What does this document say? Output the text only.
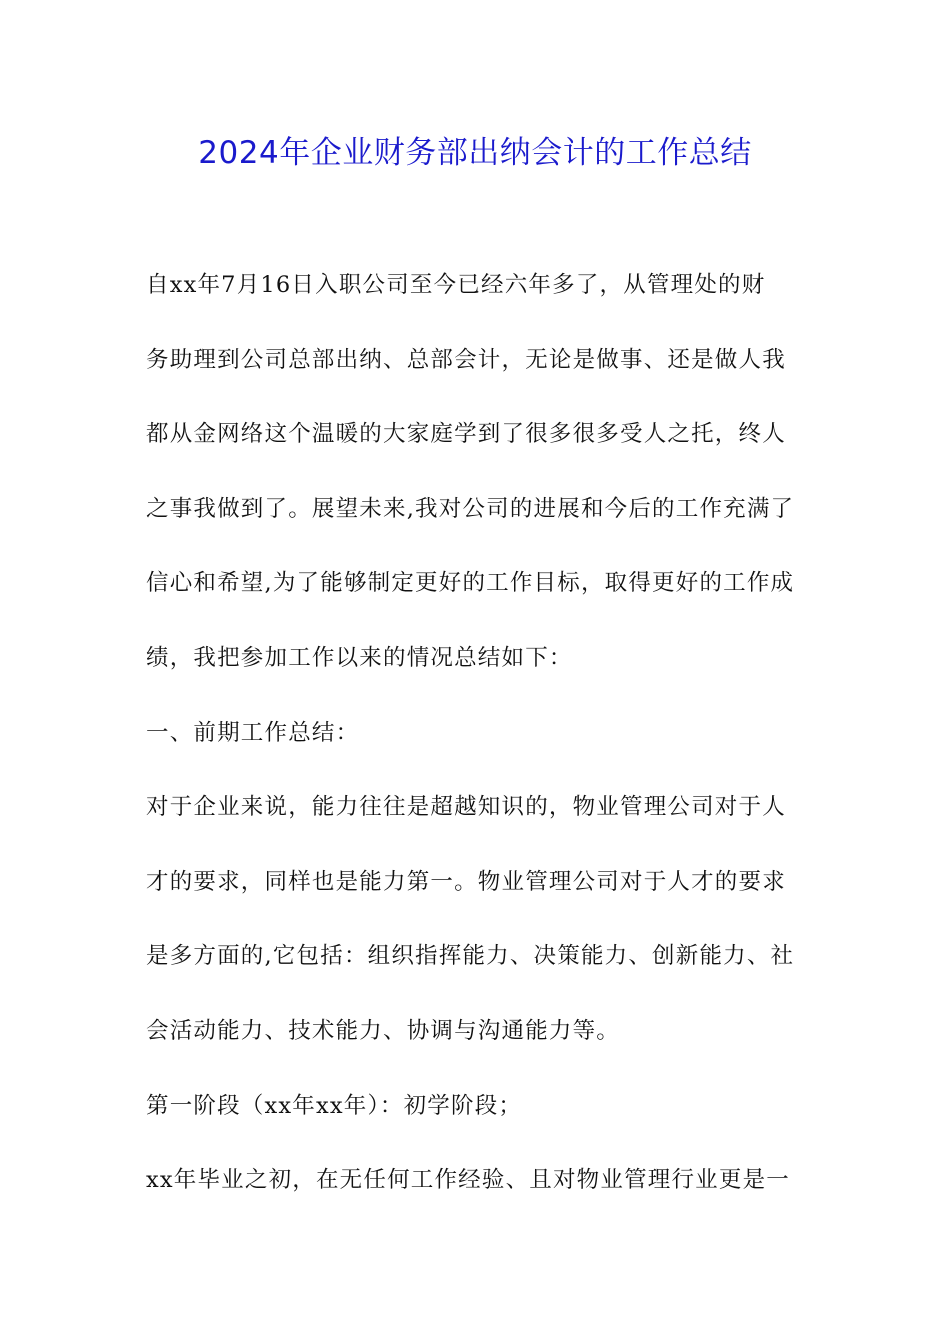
2024年企业财务部出纳会计的工作总结
自xx年7月16日入职公司至今已经六年多了，从管理处的财
务助理到公司总部出纳、总部会计，无论是做事、还是做人我
都从金网络这个温暖的大家庭学到了很多很多受人之托，终人
之事我做到了。展望未来,我对公司的进展和今后的工作充满了
信心和希望,为了能够制定更好的工作目标，取得更好的工作成
绩，我把参加工作以来的情况总结如下：
一、前期工作总结：
对于企业来说，能力往往是超越知识的，物业管理公司对于人
才的要求，同样也是能力第一。物业管理公司对于人才的要求
是多方面的,它包括：组织指挥能力、决策能力、创新能力、社
会活动能力、技术能力、协调与沟通能力等。
第一阶段（xx年xx年）：初学阶段；
xx年毕业之初，在无任何工作经验、且对物业管理行业更是一
